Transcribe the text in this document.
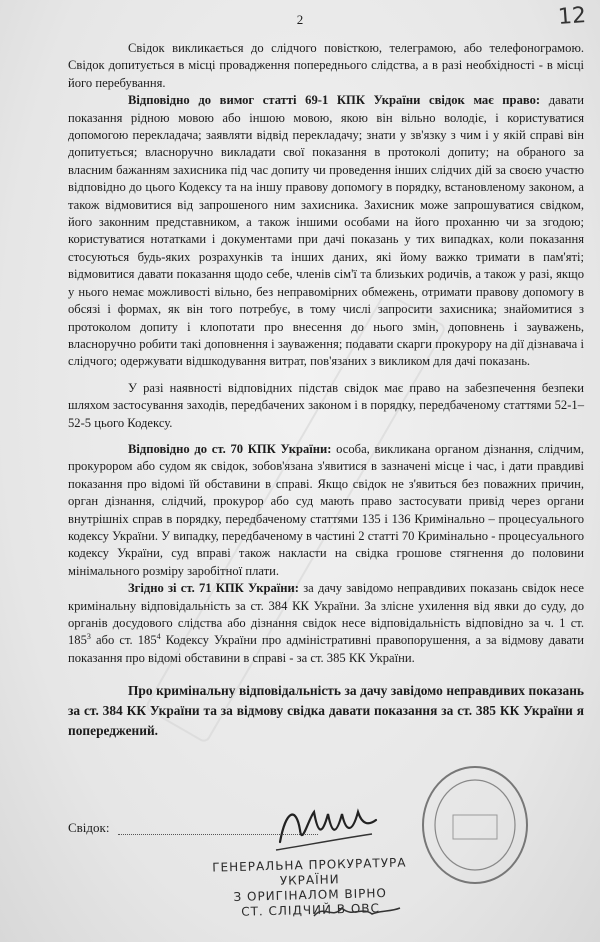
2	12

Свідок викликається до слідчого повісткою, телеграмою, або телефонограмою. Свідок допитується в місці провадження попереднього слідства, а в разі необхідності - в місці його перебування.

Відповідно до вимог статті 69-1 КПК України свідок має право: давати показання рідною мовою або іншою мовою, якою він вільно володіє, і користуватися допомогою перекладача; заявляти відвід перекладачу; знати у зв'язку з чим і у якій справі він допитується; власноручно викладати свої показання в протоколі допиту; на обраного за власним бажанням захисника під час допиту чи проведення інших слідчих дій за своєю участю відповідно до цього Кодексу та на іншу правову допомогу в порядку, встановленому законом, а також відмовитися від запрошеного ним захисника. Захисник може запрошуватися свідком, його законним представником, а також іншими особами на його проханню чи за згодою; користуватися нотатками і документами при дачі показань у тих випадках, коли показання стосуються будь-яких розрахунків та інших даних, які йому важко тримати в пам'яті; відмовитися давати показання щодо себе, членів сім'ї та близьких родичів, а також у разі, якщо у нього немає можливості вільно, без неправомірних обмежень, отримати правову допомогу в обсязі і формах, як він того потребує, в тому числі запросити захисника; знайомитися з протоколом допиту і клопотати про внесення до нього змін, доповнень і зауважень, власноручно робити такі доповнення і зауваження; подавати скарги прокурору на дії дізнавача і слідчого; одержувати відшкодування витрат, пов'язаних з викликом для дачі показань.

У разі наявності відповідних підстав свідок має право на забезпечення безпеки шляхом застосування заходів, передбачених законом і в порядку, передбаченому статтями 52-1–52-5 цього Кодексу.

Відповідно до ст. 70 КПК України: особа, викликана органом дізнання, слідчим, прокурором або судом як свідок, зобов'язана з'явитися в зазначені місце і час, і дати правдиві показання про відомі їй обставини в справі. Якщо свідок не з'явиться без поважних причин, орган дізнання, слідчий, прокурор або суд мають право застосувати привід через органи внутрішніх справ в порядку, передбаченому статтями 135 і 136 Кримінально – процесуального кодексу України. У випадку, передбаченому в частині 2 статті 70 Кримінально - процесуального кодексу України, суд вправі також накласти на свідка грошове стягнення до половини мінімального розміру заробітної плати.

Згідно зі ст. 71 КПК України: за дачу завідомо неправдивих показань свідок несе кримінальну відповідальність за ст. 384 КК України. За злісне ухилення від явки до суду, до органів досудового слідства або дізнання свідок несе відповідальність відповідно за ч. 1 ст. $185^3$ або ст. $185^4$ Кодексу України про адміністративні правопорушення, а за відмову давати показання про відомі обставини в справі - за ст. 385 КК України.

Про кримінальну відповідальність за дачу завідомо неправдивих показань за ст. 384 КК України та за відмову свідка давати показання за ст. 385 КК України я попереджений.

Свідок:
ГЕНЕРАЛЬНА ПРОКУРАТУРА
УКРАЇНИ
З ОРИГІНАЛОМ ВІРНО
СТ. СЛІДЧИЙ В ОВС
